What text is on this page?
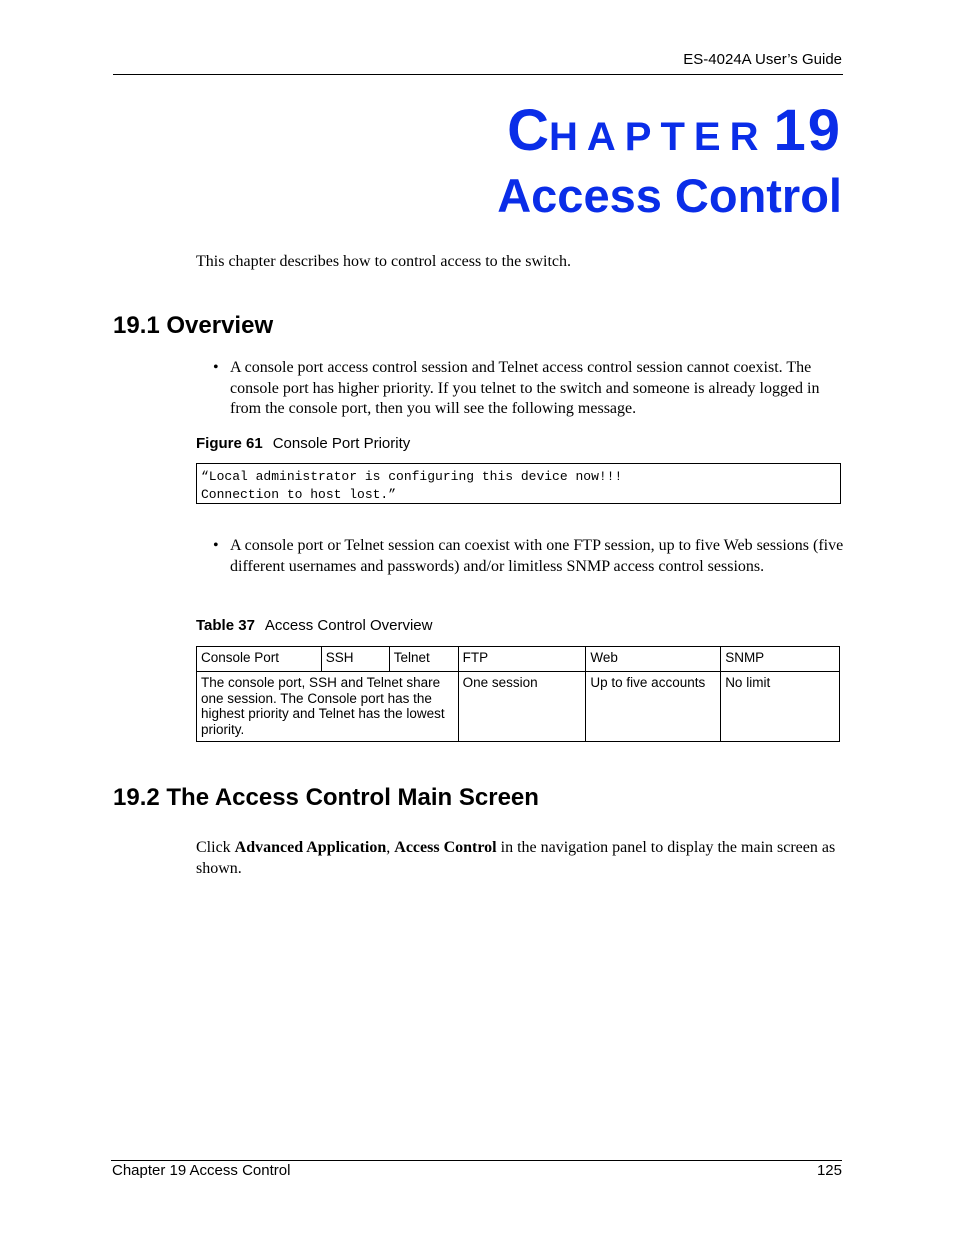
ES-4024A User’s Guide
CHAPTER 19
Access Control
This chapter describes how to control access to the switch.
19.1 Overview
• A console port access control session and Telnet access control session cannot coexist. The console port has higher priority. If you telnet to the switch and someone is already logged in from the console port, then you will see the following message.
Figure 61 Console Port Priority
“Local administrator is configuring this device now!!!
Connection to host lost.”
• A console port or Telnet session can coexist with one FTP session, up to five Web sessions (five different usernames and passwords) and/or limitless SNMP access control sessions.
Table 37 Access Control Overview
Console Port	SSH	Telnet	FTP	Web	SNMP
The console port, SSH and Telnet share one session. The Console port has the highest priority and Telnet has the lowest priority.			One session	Up to five accounts	No limit
19.2 The Access Control Main Screen
Click Advanced Application, Access Control in the navigation panel to display the main screen as shown.
Chapter 19 Access Control	125
